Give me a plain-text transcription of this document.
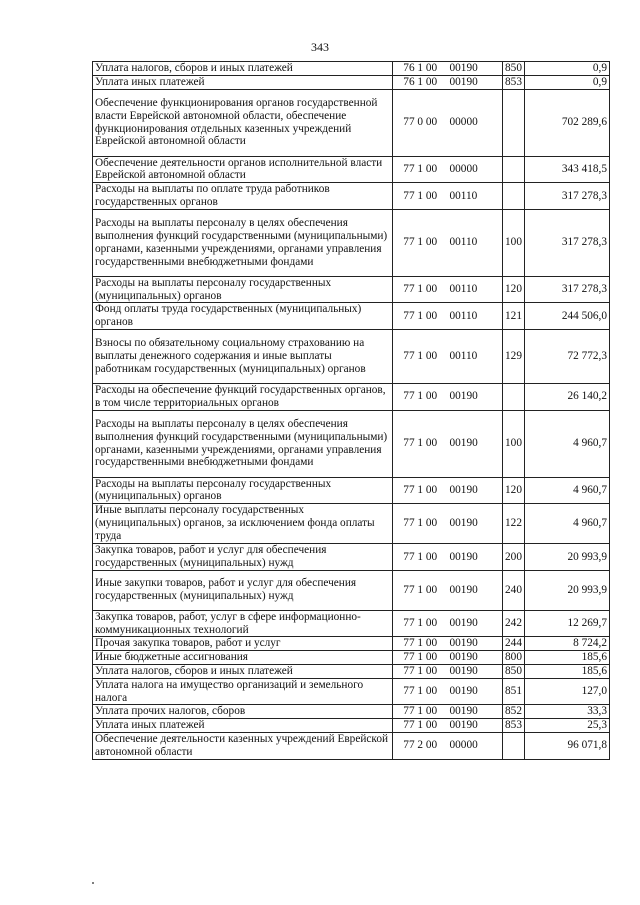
343
Уплата налогов, сборов и иных платежей	76 1 00	00190	850	0,9
Уплата иных платежей	76 1 00	00190	853	0,9
Обеспечение функционирования органов государственной власти Еврейской автономной области, обеспечение функционирования отдельных казенных учреждений Еврейской автономной области	77 0 00	00000		702 289,6
Обеспечение деятельности органов исполнительной власти Еврейской автономной области	77 1 00	00000		343 418,5
Расходы на выплаты по оплате труда работников государственных органов	77 1 00	00110		317 278,3
Расходы на выплаты персоналу в целях обеспечения выполнения функций государственными (муниципальными) органами, казенными учреждениями, органами управления государственными внебюджетными фондами	77 1 00	00110	100	317 278,3
Расходы на выплаты персоналу государственных (муниципальных) органов	77 1 00	00110	120	317 278,3
Фонд оплаты труда государственных (муниципальных) органов	77 1 00	00110	121	244 506,0
Взносы по обязательному социальному страхованию на выплаты денежного содержания и иные выплаты работникам государственных (муниципальных) органов	77 1 00	00110	129	72 772,3
Расходы на обеспечение функций государственных органов, в том числе территориальных органов	77 1 00	00190		26 140,2
Расходы на выплаты персоналу в целях обеспечения выполнения функций государственными (муниципальными) органами, казенными учреждениями, органами управления государственными внебюджетными фондами	77 1 00	00190	100	4 960,7
Расходы на выплаты персоналу государственных (муниципальных) органов	77 1 00	00190	120	4 960,7
Иные выплаты персоналу государственных (муниципальных) органов, за исключением фонда оплаты труда	77 1 00	00190	122	4 960,7
Закупка товаров, работ и услуг для обеспечения государственных (муниципальных) нужд	77 1 00	00190	200	20 993,9
Иные закупки товаров, работ и услуг для обеспечения государственных (муниципальных) нужд	77 1 00	00190	240	20 993,9
Закупка товаров, работ, услуг в сфере информационно-коммуникационных технологий	77 1 00	00190	242	12 269,7
Прочая закупка товаров, работ и услуг	77 1 00	00190	244	8 724,2
Иные бюджетные ассигнования	77 1 00	00190	800	185,6
Уплата налогов, сборов и иных платежей	77 1 00	00190	850	185,6
Уплата налога на имущество организаций и земельного налога	77 1 00	00190	851	127,0
Уплата прочих налогов, сборов	77 1 00	00190	852	33,3
Уплата иных платежей	77 1 00	00190	853	25,3
Обеспечение деятельности казенных учреждений Еврейской автономной области	77 2 00	00000		96 071,8
